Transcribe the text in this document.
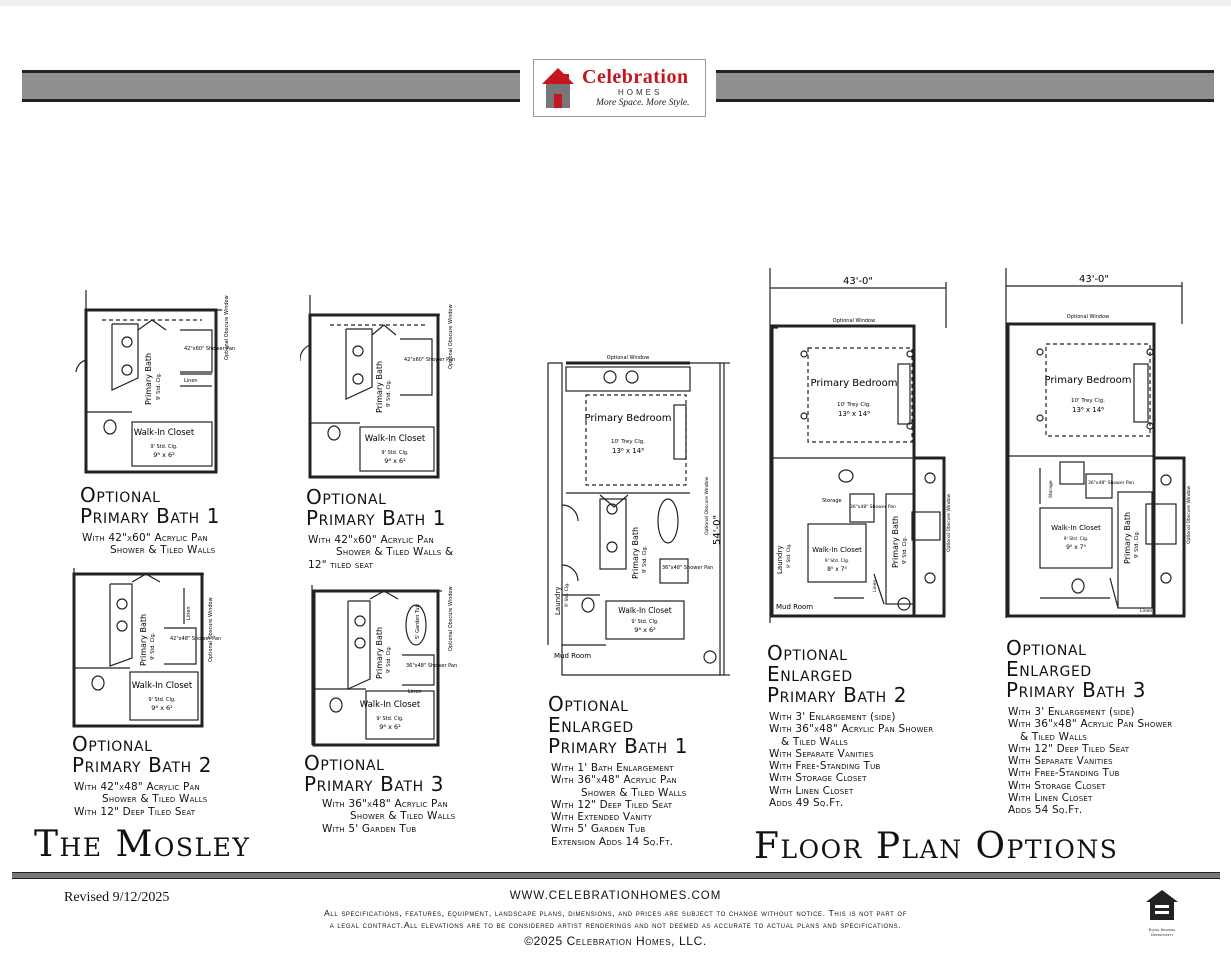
Celebration
HOMES
More Space. More Style.
Primary Bath 9' Std. Clg.
42"x60" Shower Pan
Linen
Walk-In Closet
9' Std. Clg.
9⁸ x 6²
Optional Obscure Window
Optional
Primary Bath 1
With 42"x60" Acrylic Pan
Shower & Tiled Walls
Primary Bath 9' Std. Clg.
42"x60" Shower Pan
Walk-In Closet
9' Std. Clg.
9⁸ x 6²
Optional Obscure Window
Optional
Primary Bath 1
With 42"x60" Acrylic Pan
Shower & Tiled Walls &
12" tiled seat
Primary Bath 9' Std. Clg.	42"x48" Shower Pan
Linen
Walk-In Closet
9' Std. Clg.
9⁸ x 6²
Optional Obscure Window
Optional
Primary Bath 2
With 42"x48" Acrylic Pan
Shower & Tiled Walls
With 12" Deep Tiled Seat
Primary Bath 9' Std. Clg.
5' Garden Tub
36"x48" Shower Pan
Linen
Walk-In Closet
9' Std. Clg.
9⁸ x 6²
Optional Obscure Window
Optional
Primary Bath 3
With 36"x48" Acrylic Pan
Shower & Tiled Walls
With 5' Garden Tub
Optional Window
Primary Bedroom
10' Trey Clg.
13⁶ x 14⁶
Primary Bath 9' Std. Clg.	36"x48" Shower Pan
Walk-In Closet
9' Std. Clg.
9⁸ x 6²
Laundry 9' Std. Clg.
Mud Room
54'-0"
Optional Obscure Window
Optional
Enlarged
Primary Bath 1
With 1' Bath Enlargement
With 36"x48" Acrylic Pan
Shower & Tiled Walls
With 12" Deep Tiled Seat
With Extended Vanity
With 5' Garden Tub
Extension Adds 14 Sq.Ft.
43'-0"
Optional Window
Primary Bedroom
10' Trey Clg.
13⁶ x 14⁶
Primary Bath 9' Std. Clg.
Walk-In Closet
9' Std. Clg.
8⁰ x 7⁰
Storage
36"x48" Shower Pan
Linen
Laundry 9' Std. Clg.
Mud Room
Optional Obscure Window
Optional
Enlarged
Primary Bath 2
With 3' Enlargement (side)
With 36"x48" Acrylic Pan Shower
& Tiled Walls
With Separate Vanities
With Free-Standing Tub
With Storage Closet
With Linen Closet
Adds 49 Sq.Ft.
43'-0"
Optional Window
Primary Bedroom
10' Trey Clg.
13⁶ x 14⁶
Primary Bath 9' Std. Clg.
Walk-In Closet
9' Std. Clg.
9⁰ x 7⁰
Storage	36"x48" Shower Pan
Linen
Optional Obscure Window
Optional
Enlarged
Primary Bath 3
With 3' Enlargement (side)
With 36"x48" Acrylic Pan Shower
& Tiled Walls
With 12" Deep Tiled Seat
With Separate Vanities
With Free-Standing Tub
With Storage Closet
With Linen Closet
Adds 54 Sq.Ft.
The Mosley	Floor Plan Options
Revised 9/12/2025	WWW.CELEBRATIONHOMES.COM
All specifications, features, equipment, landscape plans, dimensions, and prices are subject to change without notice. This is not part of
a legal contract.All elevations are to be considered artist renderings and not deemed as accurate to actual plans and specifications.
©2025 Celebration Homes, LLC.
Equal Housing Opportunity
